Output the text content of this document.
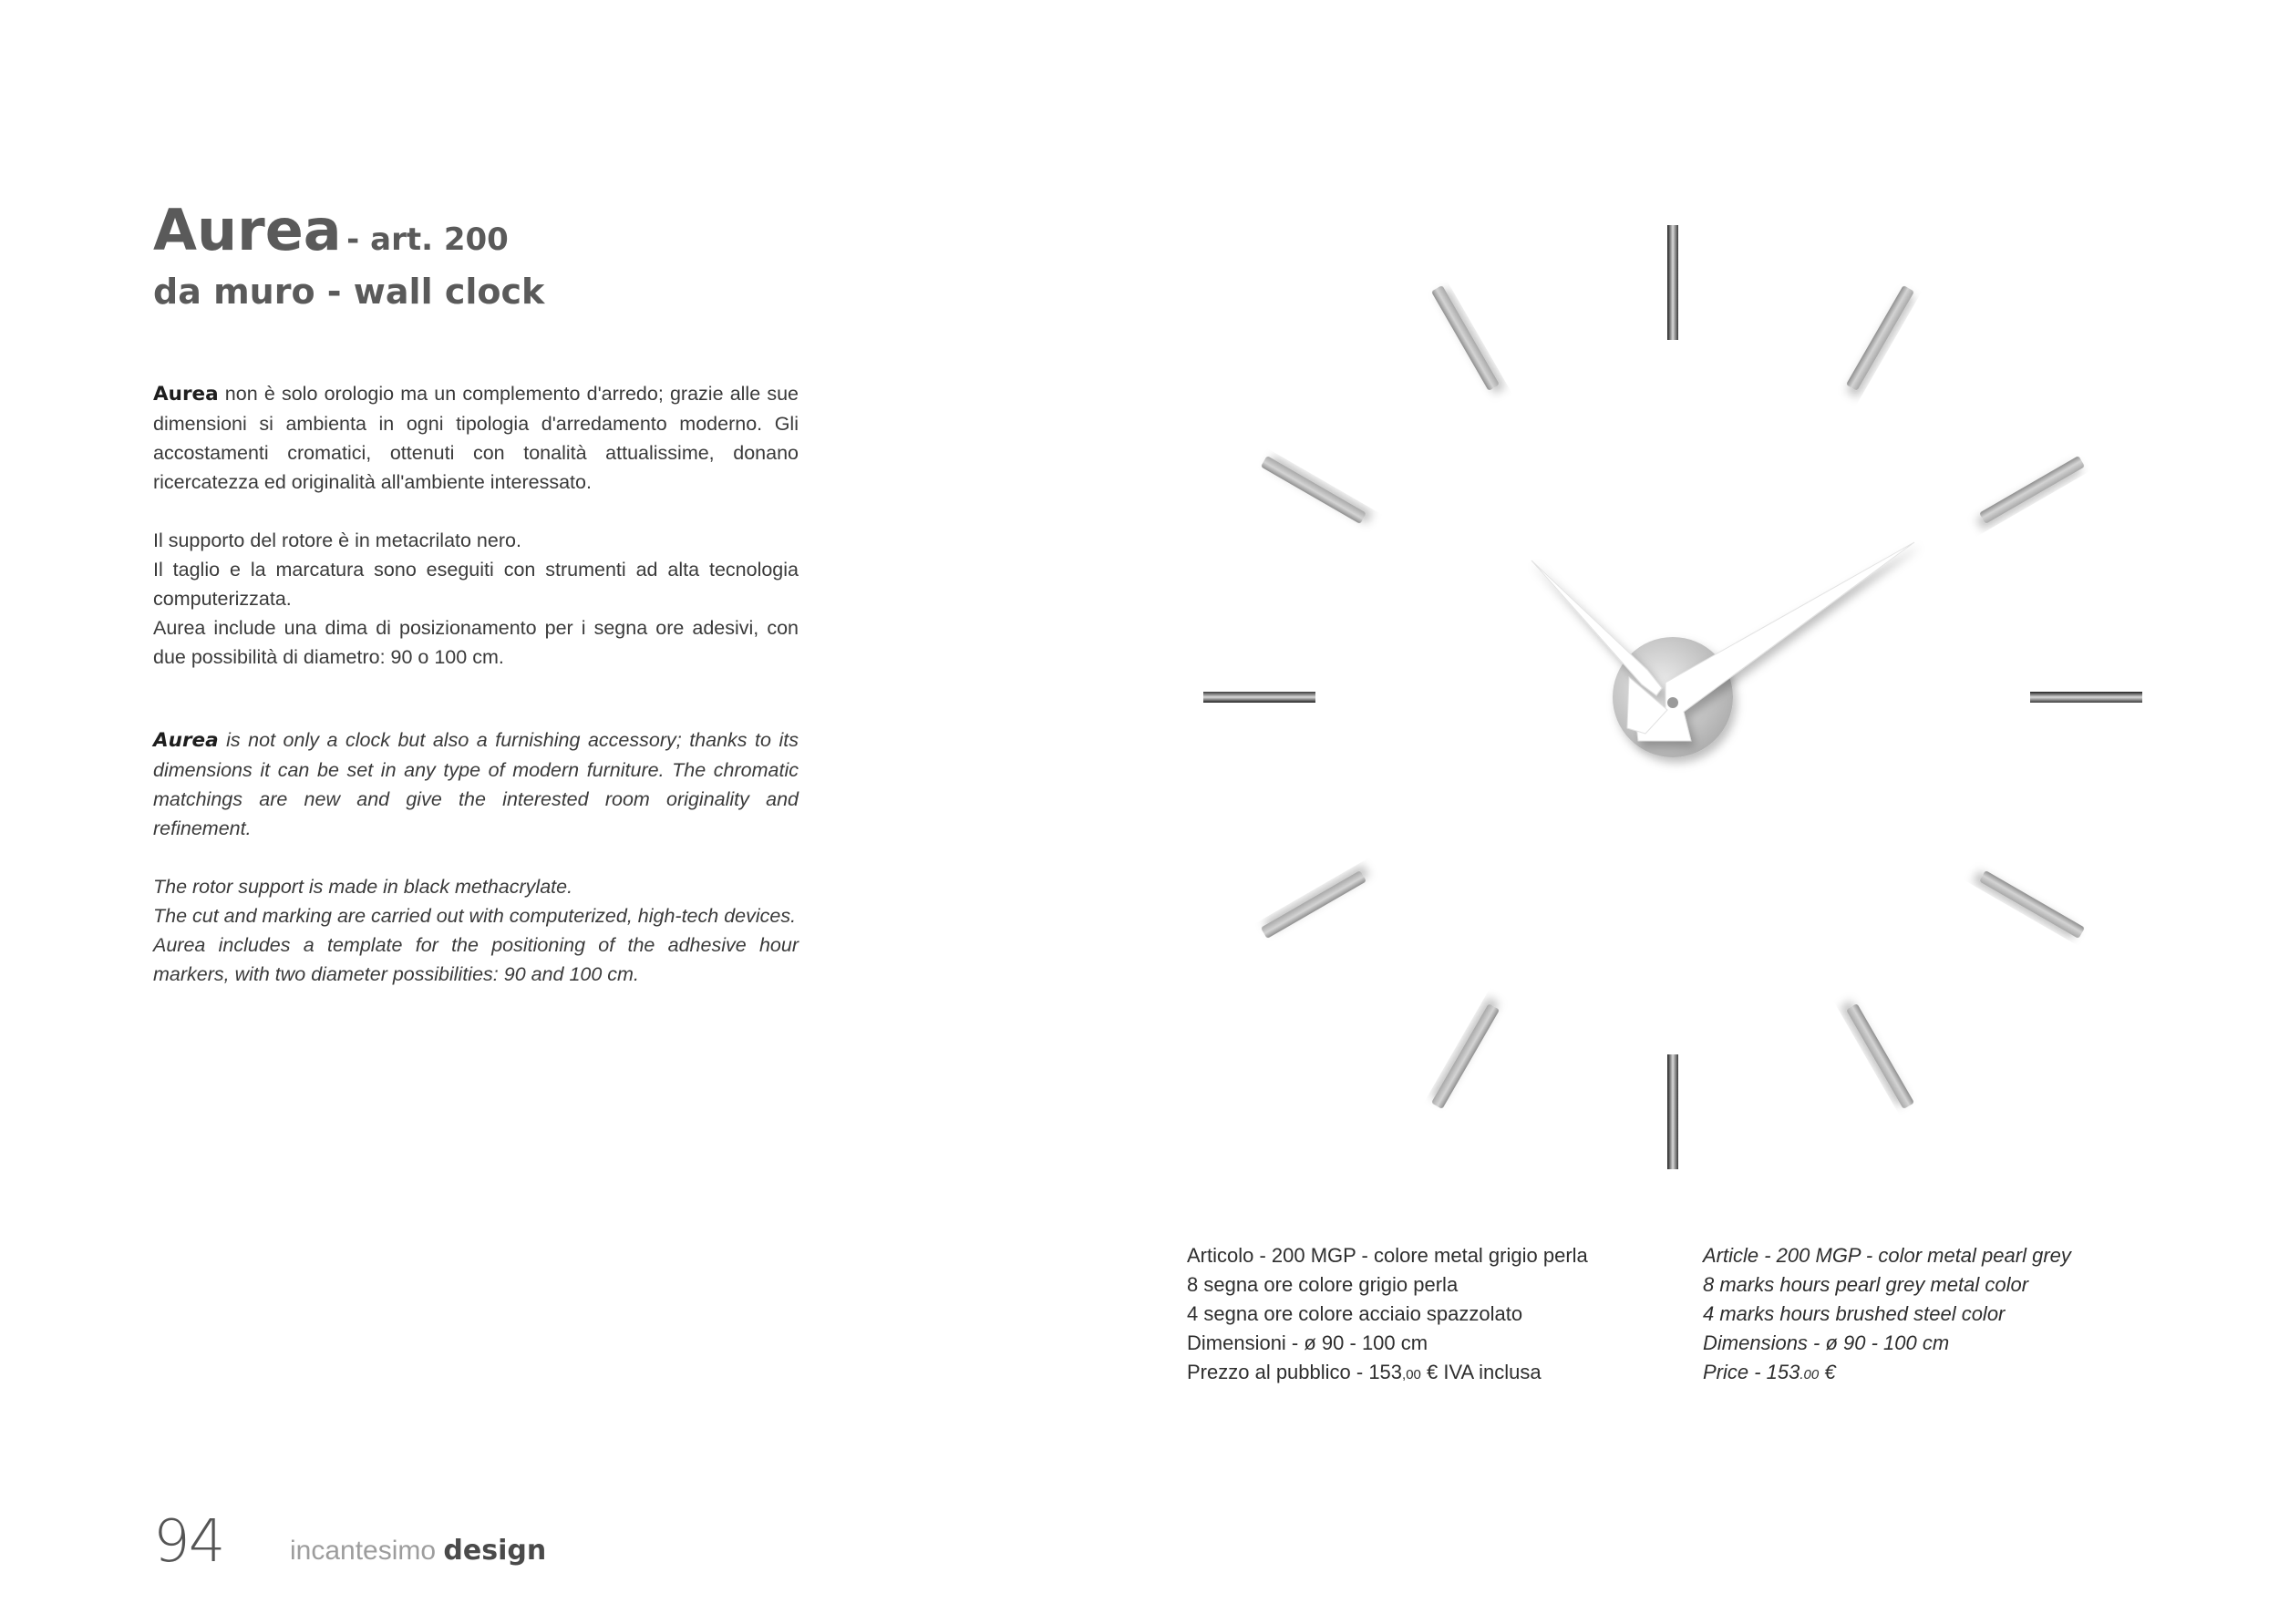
Aurea - art. 200
da muro - wall clock

Aurea non è solo orologio ma un complemento d'arredo; grazie alle sue dimensioni si ambienta in ogni tipologia d'arredamento moderno. Gli accostamenti cromatici, ottenuti con tonalità attualissime, donano ricercatezza ed originalità all'ambiente interessato.

Il supporto del rotore è in metacrilato nero.

Il taglio e la marcatura sono eseguiti con strumenti ad alta tecnologia computerizzata.

Aurea include una dima di posizionamento per i segna ore adesivi, con due possibilità di diametro: 90 o 100 cm.

Aurea is not only a clock but also a furnishing accessory; thanks to its dimensions it can be set in any type of modern furniture. The chromatic matchings are new and give the interested room originality and refinement.

The rotor support is made in black methacrylate.

The cut and marking are carried out with computerized, high-tech devices.

Aurea includes a template for the positioning of the adhesive hour markers, with two diameter possibilities: 90 and 100 cm.

Articolo - 200 MGP - colore metal grigio perla
8 segna ore colore grigio perla
4 segna ore colore acciaio spazzolato
Dimensioni - ø 90 - 100 cm
Prezzo al pubblico - 153,00 € IVA inclusa
Article - 200 MGP - color metal pearl grey
8 marks hours pearl grey metal color
4 marks hours brushed steel color
Dimensions - ø 90 - 100 cm
Price - 153.00 €
94 incantesimo design
